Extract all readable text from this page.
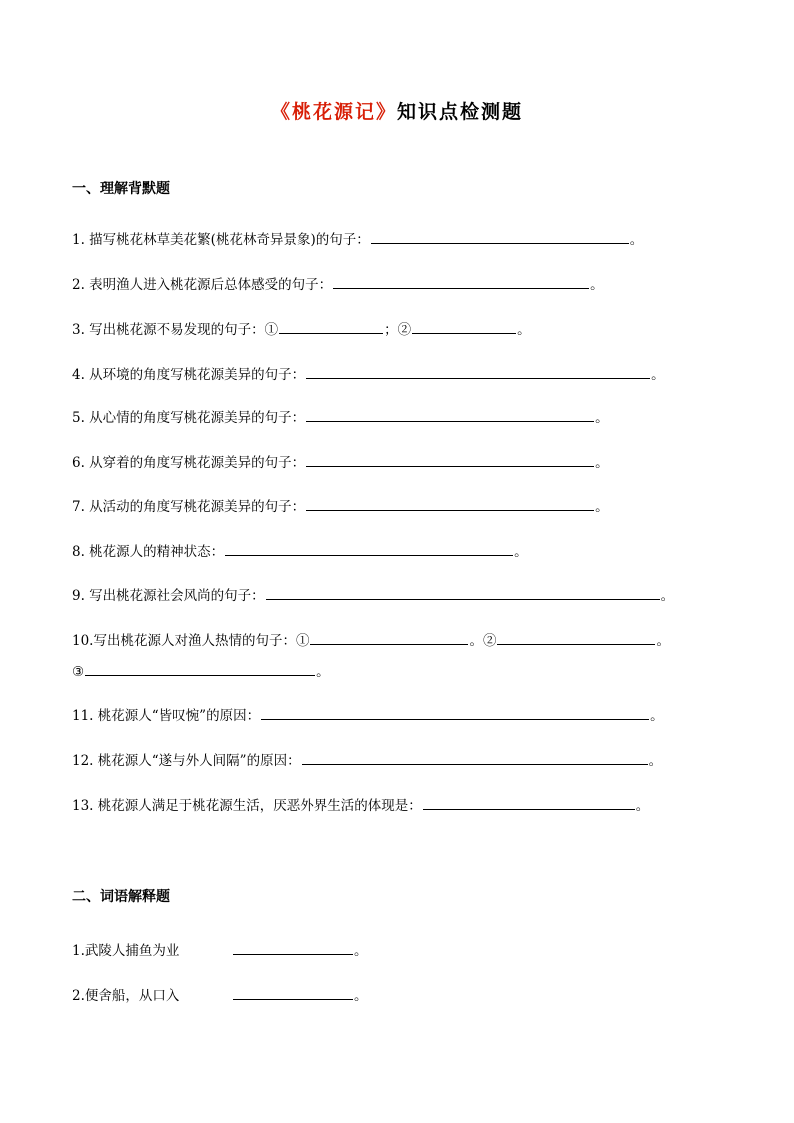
《桃花源记》知识点检测题
一、理解背默题
1. 描写桃花林草美花繁(桃花林奇异景象)的句子：	。
2. 表明渔人进入桃花源后总体感受的句子：	。
3. 写出桃花源不易发现的句子：①	；②	。
4. 从环境的角度写桃花源美异的句子：	。
5. 从心情的角度写桃花源美异的句子：	。
6. 从穿着的角度写桃花源美异的句子：	。
7. 从活动的角度写桃花源美异的句子：	。
8. 桃花源人的精神状态：	。
9. 写出桃花源社会风尚的句子：	。
10.写出桃花源人对渔人热情的句子：①	。②	。
③	。
11. 桃花源人“皆叹惋”的原因：	。
12. 桃花源人“遂与外人间隔”的原因：	。
13. 桃花源人满足于桃花源生活，厌恶外界生活的体现是：	。
二、词语解释题
1.武陵人捕鱼为业	。
2.便舍船，从口入	。
